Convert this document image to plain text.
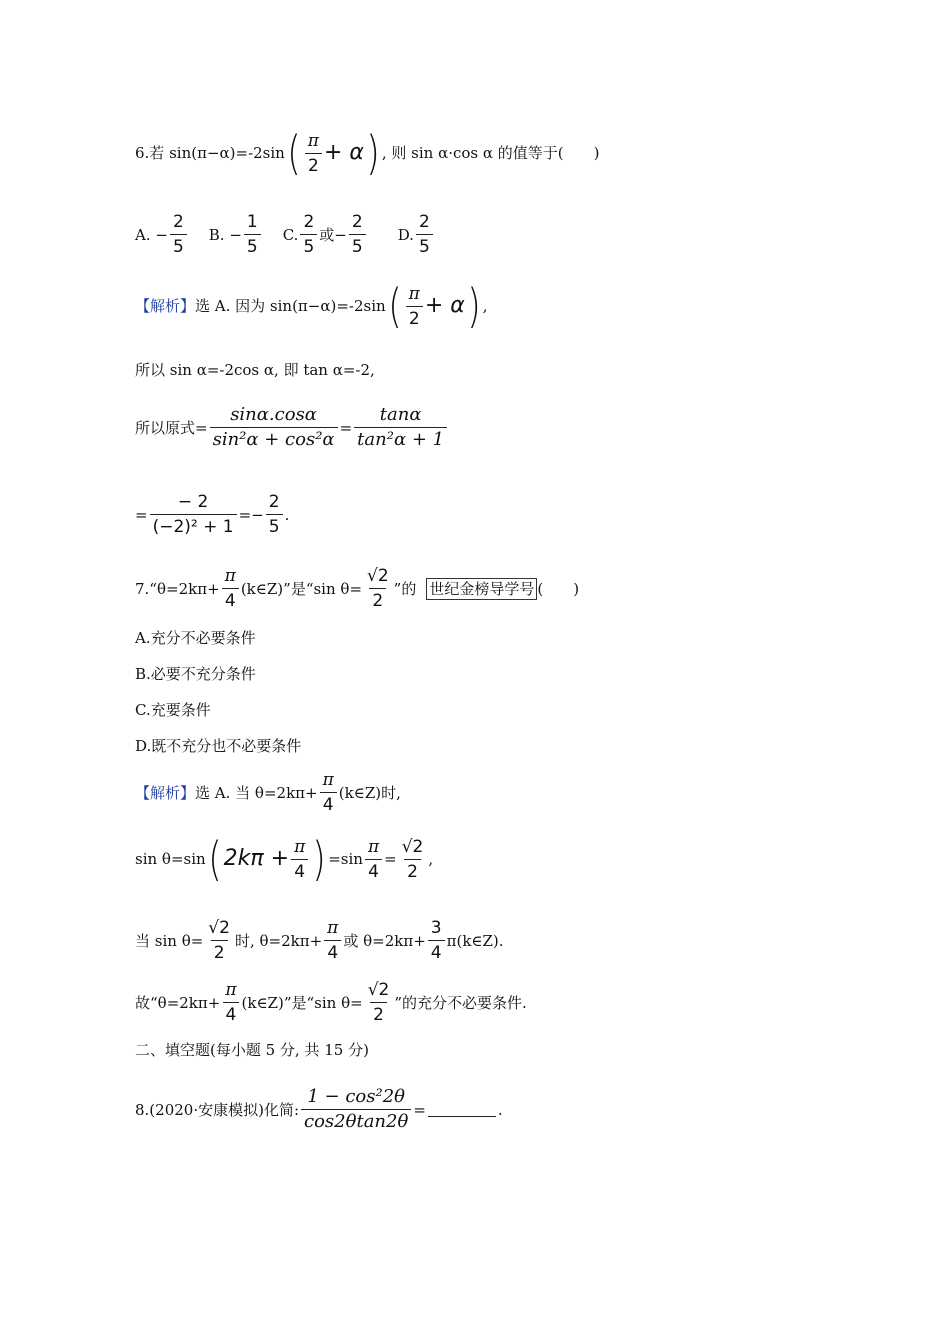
6.若 sin(π−α)=-2sin ( π
2
+ α ) , 则 sin α·cos α 的值等于(　　)
A. − $\frac{2}{5} B$. − $\frac{1}{5} C$.
2
5
或− $\frac{2}{5} D$.
2
5
【解析】 选 A. 因为 sin(π−α)=-2sin ( π
2
+ α ) ,
所以 sin α=-2cos α, 即 tan α=-2,
所以原式= $\frac{\sin\alpha.\cos\alpha}{\text{sin²α + cos²α}} = \frac{\tan\alpha}{\text{tan²α + 1}}$
= $\frac{- 2}{\text{(−2)² + 1}} =- \frac{2}{5}$ .
7.“θ=2kπ+ $\frac{\pi}{4}$ (k∈Z)”是“sin $\theta= \frac{√2}{2}$ ”的 世纪金榜导学号 (　　)
A.充分不必要条件
B.必要不充分条件
C.充要条件
D.既不充分也不必要条件
【解析】 选 A. 当 $\theta=2k\pi+ \frac{\pi}{4}$ (k∈Z)时,
sin θ=sin ( $2k\pi + \frac{\pi}{4}$ ) $=\sin \frac{\pi}{4} = \frac{√2}{2}$ ,
当 $\sin \theta= \frac{√2}{2}$ 时, $\theta=2k\pi+ \frac{\pi}{4}$ 或 $\theta=2k\pi+ \frac{3}{4}$ π(k∈Z).
故“$\theta=2k\pi+ \frac{\pi}{4}$ (k∈Z)”是“sin $\theta= \frac{√2}{2}$ ”的充分不必要条件.
二、填空题(每小题 5 分, 共 15 分)
8.(2020·安康模拟)化简: $\frac{\text{1 − cos²2θ}}{\cos 2\theta\tan 2\theta}$ =	.
